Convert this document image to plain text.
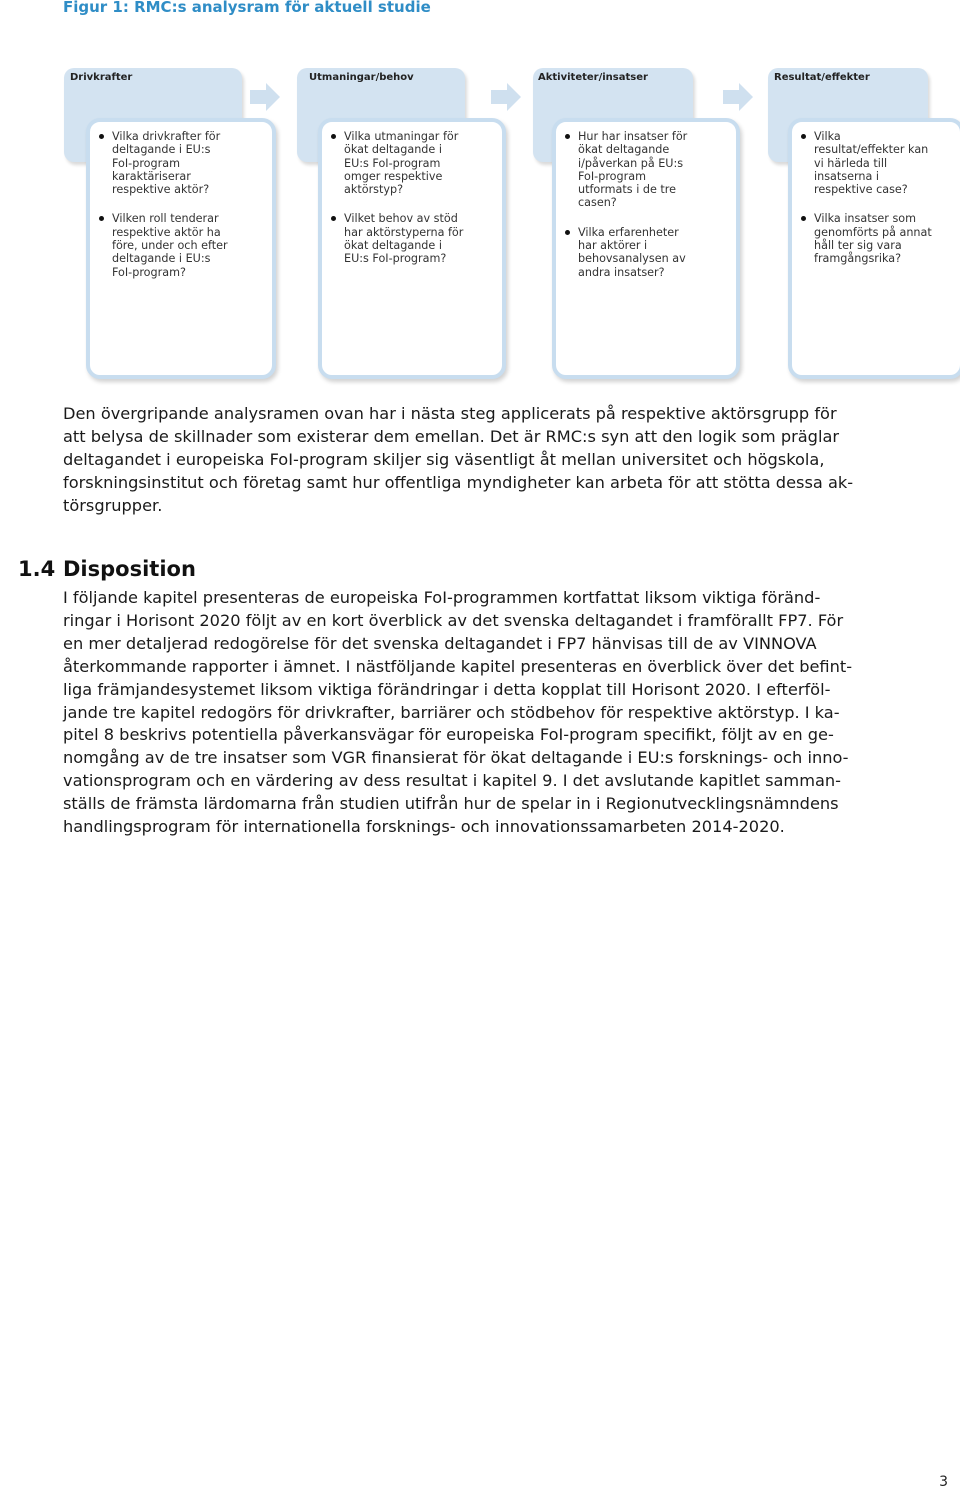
Figur 1: RMC:s analysram för aktuell studie
Drivkrafter
Vilka drivkrafter för
deltagande i EU:s
FoI-program
karaktäriserar
respektive aktör?
Vilken roll tenderar
respektive aktör ha
före, under och efter
deltagande i EU:s
FoI-program?
Utmaningar/behov
Vilka utmaningar för
ökat deltagande i
EU:s FoI-program
omger respektive
aktörstyp?
Vilket behov av stöd
har aktörstyperna för
ökat deltagande i
EU:s FoI-program?
Aktiviteter/insatser
Hur har insatser för
ökat deltagande
i/påverkan på EU:s
FoI-program
utformats i de tre
casen?
Vilka erfarenheter
har aktörer i
behovsanalysen av
andra insatser?
Resultat/effekter
Vilka
resultat/effekter kan
vi härleda till
insatserna i
respektive case?
Vilka insatser som
genomförts på annat
håll ter sig vara
framgångsrika?

Den övergripande analysramen ovan har i nästa steg applicerats på respektive aktörsgrupp för
att belysa de skillnader som existerar dem emellan. Det är RMC:s syn att den logik som präglar
deltagandet i europeiska FoI-program skiljer sig väsentligt åt mellan universitet och högskola,
forskningsinstitut och företag samt hur offentliga myndigheter kan arbeta för att stötta dessa ak-
törsgrupper.

1.4 Disposition

I följande kapitel presenteras de europeiska FoI-programmen kortfattat liksom viktiga föränd-
ringar i Horisont 2020 följt av en kort överblick av det svenska deltagandet i framförallt FP7. För
en mer detaljerad redogörelse för det svenska deltagandet i FP7 hänvisas till de av VINNOVA
återkommande rapporter i ämnet. I nästföljande kapitel presenteras en överblick över det befint-
liga främjandesystemet liksom viktiga förändringar i detta kopplat till Horisont 2020. I efterföl-
jande tre kapitel redogörs för drivkrafter, barriärer och stödbehov för respektive aktörstyp. I ka-
pitel 8 beskrivs potentiella påverkansvägar för europeiska FoI-program specifikt, följt av en ge-
nomgång av de tre insatser som VGR finansierat för ökat deltagande i EU:s forsknings- och inno-
vationsprogram och en värdering av dess resultat i kapitel 9. I det avslutande kapitlet samman-
ställs de främsta lärdomarna från studien utifrån hur de spelar in i Regionutvecklingsnämndens
handlingsprogram för internationella forsknings- och innovationssamarbeten 2014-2020.

3
